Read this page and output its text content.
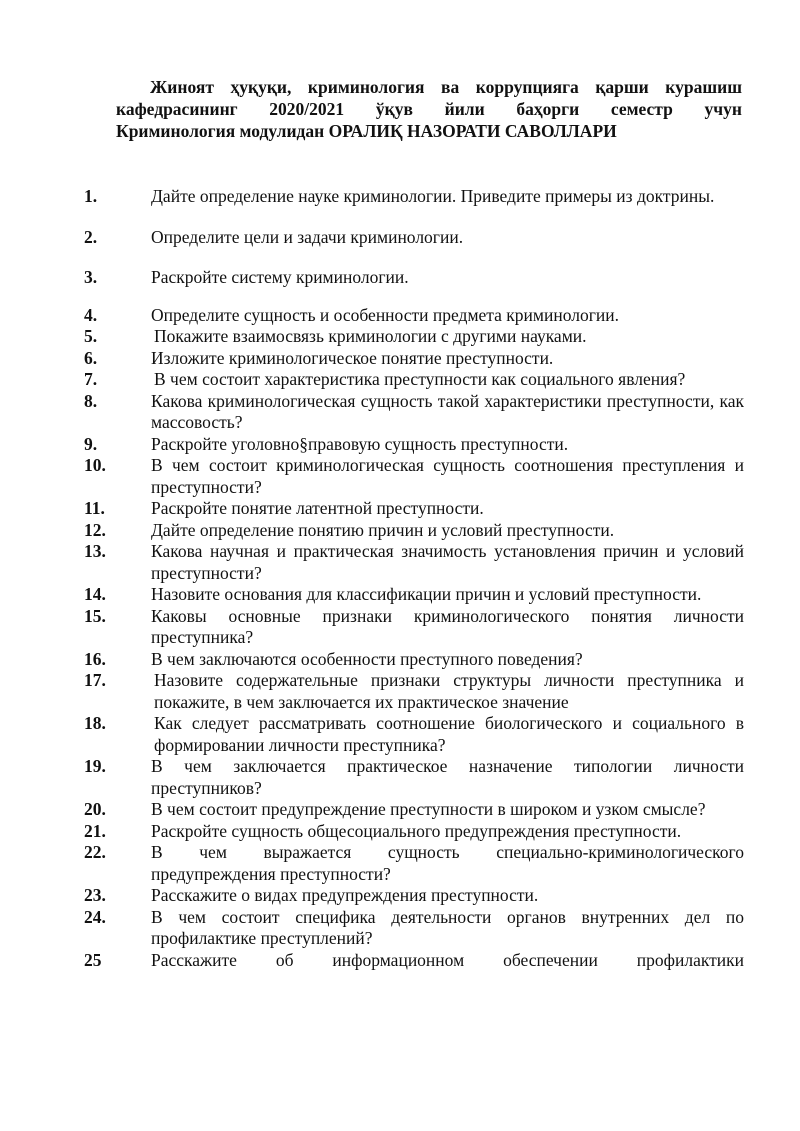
Жиноят ҳуқуқи, криминология ва коррупцияга қарши курашиш
кафедрасининг 2020/2021 ўқув йили баҳорги семестр учун
Криминология модулидан ОРАЛИҚ НАЗОРАТИ САВОЛЛАРИ
1.	Дайте определение науке криминологии. Приведите примеры из доктрины.
2.	Определите цели и задачи криминологии.
3.	Раскройте систему криминологии.
4.	Определите сущность и особенности предмета криминологии.
5.	Покажите взаимосвязь криминологии с другими науками.
6.	Изложите криминологическое понятие преступности.
7.	В чем состоит характеристика преступности как социального явления?
8.	Какова криминологическая сущность такой характеристики преступности, как массовость?
9.	Раскройте уголовно§правовую сущность преступности.
10.	В чем состоит криминологическая сущность соотношения преступления и преступности?
11.	Раскройте понятие латентной преступности.
12.	Дайте определение понятию причин и условий преступности.
13.	Какова научная и практическая значимость установления причин и условий преступности?
14.	Назовите основания для классификации причин и условий преступности.
15.	Каковы основные признаки криминологического понятия личности преступника?
16.	В чем заключаются особенности преступного поведения?
17.	Назовите содержательные признаки структуры личности преступника и покажите, в чем заключается их практическое значение
18.	Как следует рассматривать соотношение биологического и социального в формировании личности преступника?
19.	В чем заключается практическое назначение типологии личности преступников?
20.	В чем состоит предупреждение преступности в широком и узком смысле?
21.	Раскройте сущность общесоциального предупреждения преступности.
22.	В чем выражается сущность специально-криминологического предупреждения преступности?
23.	Расскажите о видах предупреждения преступности.
24.	В чем состоит специфика деятельности органов внутренних дел по профилактике преступлений?
25	Расскажите об информационном обеспечении профилактики
